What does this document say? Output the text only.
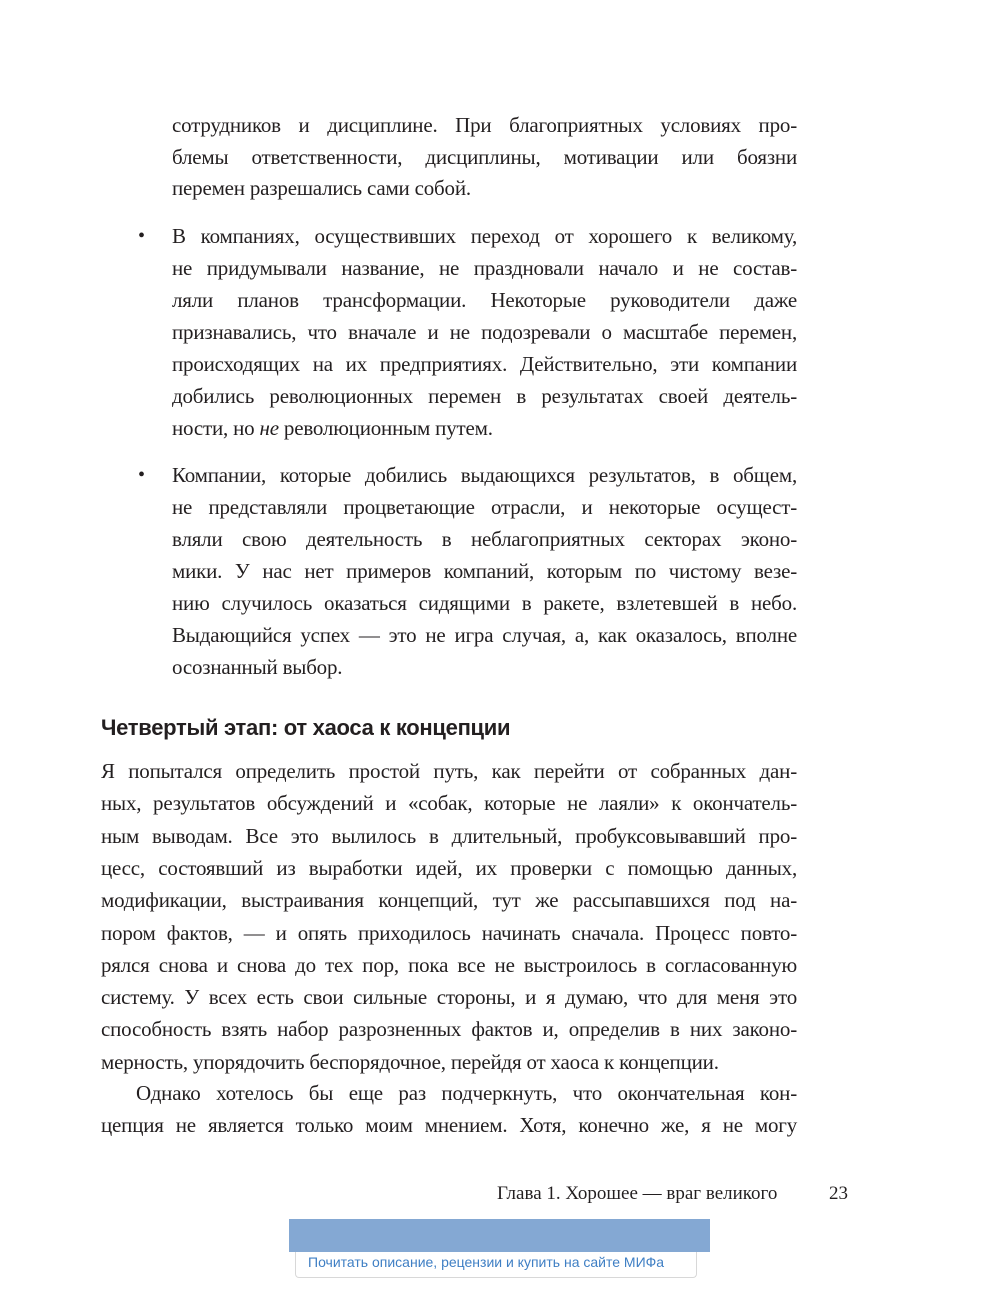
сотрудников и дисциплине. При благоприятных условиях про-
блемы ответственности, дисциплины, мотивации или боязни
перемен разрешались сами собой.
• В компаниях, осуществивших переход от хорошего к великому,
не придумывали название, не праздновали начало и не состав-
ляли планов трансформации. Некоторые руководители даже
признавались, что вначале и не подозревали о масштабе перемен,
происходящих на их предприятиях. Действительно, эти компании
добились революционных перемен в результатах своей деятель-
ности, но не революционным путем.
• Компании, которые добились выдающихся результатов, в общем,
не представляли процветающие отрасли, и некоторые осущест-
вляли свою деятельность в неблагоприятных секторах эконо-
мики. У нас нет примеров компаний, которым по чистому везе-
нию случилось оказаться сидящими в ракете, взлетевшей в небо.
Выдающийся успех — это не игра случая, а, как оказалось, вполне
осознанный выбор.
Я попытался определить простой путь, как перейти от собранных дан-
ных, результатов обсуждений и «собак, которые не лаяли» к окончатель-
ным выводам. Все это вылилось в длительный, пробуксовывавший про-
цесс, состоявший из выработки идей, их проверки с помощью данных,
модификации, выстраивания концепций, тут же рассыпавшихся под на-
пором фактов, — и опять приходилось начинать сначала. Процесс повто-
рялся снова и снова до тех пор, пока все не выстроилось в согласованную
систему. У всех есть свои сильные стороны, и я думаю, что для меня это
способность взять набор разрозненных фактов и, определив в них законо-
мерность, упорядочить беспорядочное, перейдя от хаоса к концепции.
Однако хотелось бы еще раз подчеркнуть, что окончательная кон-
цепция не является только моим мнением. Хотя, конечно же, я не могу
Четвертый этап: от хаоса к концепции
Глава 1. Хорошее — враг великого	23
Почитать описание, рецензии и купить на сайте МИФа
